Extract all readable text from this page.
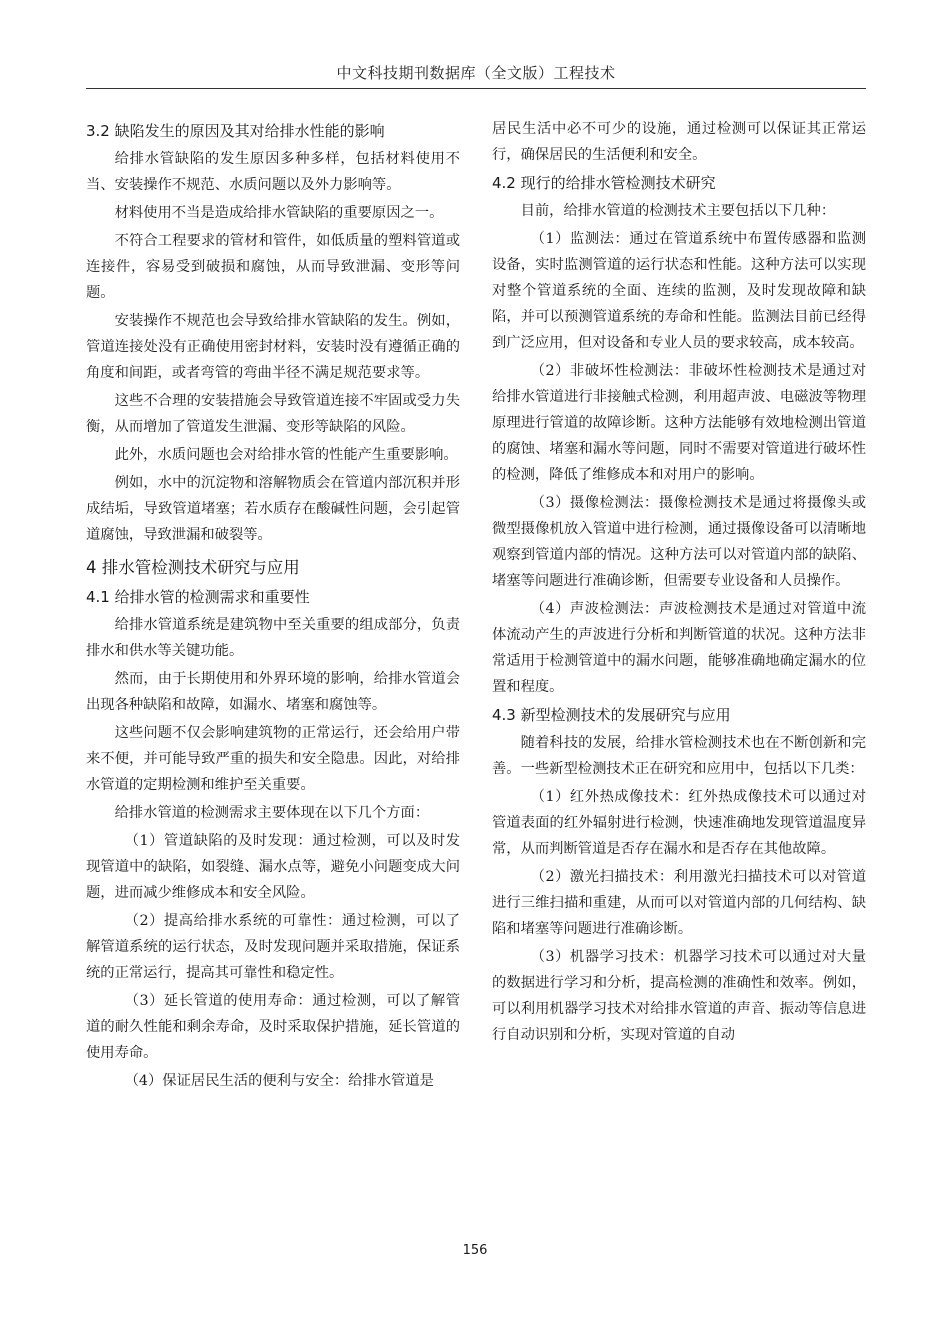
中文科技期刊数据库（全文版）工程技术
3.2 缺陷发生的原因及其对给排水性能的影响

给排水管缺陷的发生原因多种多样，包括材料使用不当、安装操作不规范、水质问题以及外力影响等。

材料使用不当是造成给排水管缺陷的重要原因之一。

不符合工程要求的管材和管件，如低质量的塑料管道或连接件，容易受到破损和腐蚀，从而导致泄漏、变形等问题。

安装操作不规范也会导致给排水管缺陷的发生。例如，管道连接处没有正确使用密封材料，安装时没有遵循正确的角度和间距，或者弯管的弯曲半径不满足规范要求等。

这些不合理的安装措施会导致管道连接不牢固或受力失衡，从而增加了管道发生泄漏、变形等缺陷的风险。

此外，水质问题也会对给排水管的性能产生重要影响。

例如，水中的沉淀物和溶解物质会在管道内部沉积并形成结垢，导致管道堵塞；若水质存在酸碱性问题，会引起管道腐蚀，导致泄漏和破裂等。

4 排水管检测技术研究与应用
4.1 给排水管的检测需求和重要性

给排水管道系统是建筑物中至关重要的组成部分，负责排水和供水等关键功能。

然而，由于长期使用和外界环境的影响，给排水管道会出现各种缺陷和故障，如漏水、堵塞和腐蚀等。

这些问题不仅会影响建筑物的正常运行，还会给用户带来不便，并可能导致严重的损失和安全隐患。因此，对给排水管道的定期检测和维护至关重要。

给排水管道的检测需求主要体现在以下几个方面：

（1）管道缺陷的及时发现：通过检测，可以及时发现管道中的缺陷，如裂缝、漏水点等，避免小问题变成大问题，进而减少维修成本和安全风险。

（2）提高给排水系统的可靠性：通过检测，可以了解管道系统的运行状态，及时发现问题并采取措施，保证系统的正常运行，提高其可靠性和稳定性。

（3）延长管道的使用寿命：通过检测，可以了解管道的耐久性能和剩余寿命，及时采取保护措施，延长管道的使用寿命。

（4）保证居民生活的便利与安全：给排水管道是

居民生活中必不可少的设施，通过检测可以保证其正常运行，确保居民的生活便利和安全。

4.2 现行的给排水管检测技术研究

目前，给排水管道的检测技术主要包括以下几种：

（1）监测法：通过在管道系统中布置传感器和监测设备，实时监测管道的运行状态和性能。这种方法可以实现对整个管道系统的全面、连续的监测，及时发现故障和缺陷，并可以预测管道系统的寿命和性能。监测法目前已经得到广泛应用，但对设备和专业人员的要求较高，成本较高。

（2）非破坏性检测法：非破坏性检测技术是通过对给排水管道进行非接触式检测，利用超声波、电磁波等物理原理进行管道的故障诊断。这种方法能够有效地检测出管道的腐蚀、堵塞和漏水等问题，同时不需要对管道进行破坏性的检测，降低了维修成本和对用户的影响。

（3）摄像检测法：摄像检测技术是通过将摄像头或微型摄像机放入管道中进行检测，通过摄像设备可以清晰地观察到管道内部的情况。这种方法可以对管道内部的缺陷、堵塞等问题进行准确诊断，但需要专业设备和人员操作。

（4）声波检测法：声波检测技术是通过对管道中流体流动产生的声波进行分析和判断管道的状况。这种方法非常适用于检测管道中的漏水问题，能够准确地确定漏水的位置和程度。

4.3 新型检测技术的发展研究与应用

随着科技的发展，给排水管检测技术也在不断创新和完善。一些新型检测技术正在研究和应用中，包括以下几类：

（1）红外热成像技术：红外热成像技术可以通过对管道表面的红外辐射进行检测，快速准确地发现管道温度异常，从而判断管道是否存在漏水和是否存在其他故障。

（2）激光扫描技术：利用激光扫描技术可以对管道进行三维扫描和重建，从而可以对管道内部的几何结构、缺陷和堵塞等问题进行准确诊断。

（3）机器学习技术：机器学习技术可以通过对大量的数据进行学习和分析，提高检测的准确性和效率。例如，可以利用机器学习技术对给排水管道的声音、振动等信息进行自动识别和分析，实现对管道的自动

156
